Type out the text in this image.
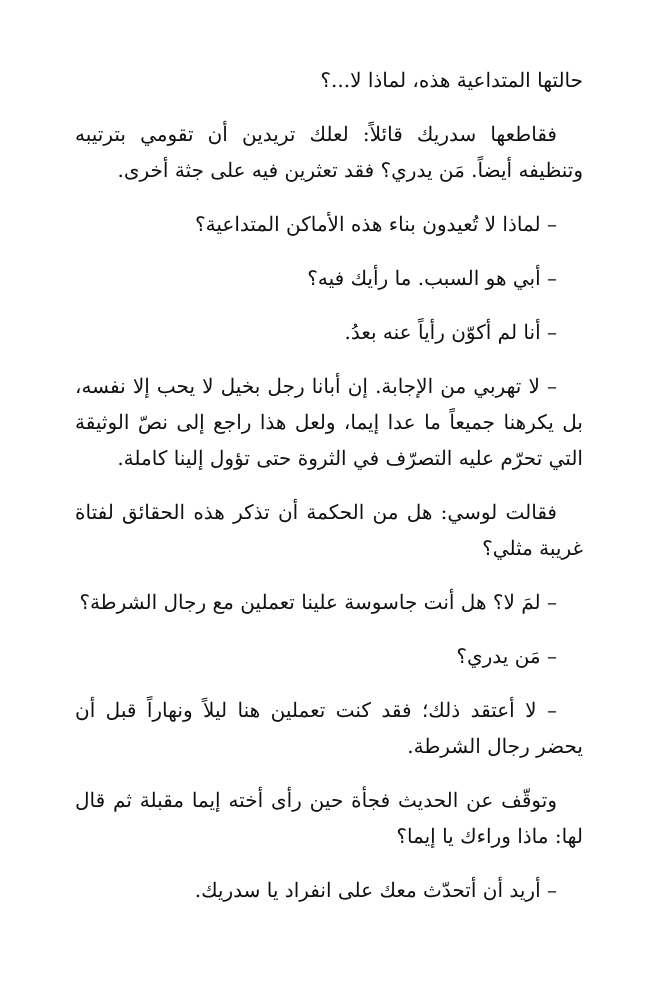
حالتها المتداعية هذه، لماذا لا...؟

فقاطعها سدريك قائلاً: لعلك تريدين أن تقومي بترتيبه وتنظيفه أيضاً. مَن يدري؟ فقد تعثرين فيه على جثة أخرى.

– لماذا لا تُعيدون بناء هذه الأماكن المتداعية؟

– أبي هو السبب. ما رأيك فيه؟

– أنا لم أكوّن رأياً عنه بعدُ.

– لا تهربي من الإجابة. إن أبانا رجل بخيل لا يحب إلا نفسه، بل يكرهنا جميعاً ما عدا إيما، ولعل هذا راجع إلى نصّ الوثيقة التي تحرّم عليه التصرّف في الثروة حتى تؤول إلينا كاملة.

فقالت لوسي: هل من الحكمة أن تذكر هذه الحقائق لفتاة غريبة مثلي؟

– لمَ لا؟ هل أنت جاسوسة علينا تعملين مع رجال الشرطة؟

– مَن يدري؟

– لا أعتقد ذلك؛ فقد كنت تعملين هنا ليلاً ونهاراً قبل أن يحضر رجال الشرطة.

وتوقّف عن الحديث فجأة حين رأى أخته إيما مقبلة ثم قال لها: ماذا وراءك يا إيما؟

– أريد أن أتحدّث معك على انفراد يا سدريك.
